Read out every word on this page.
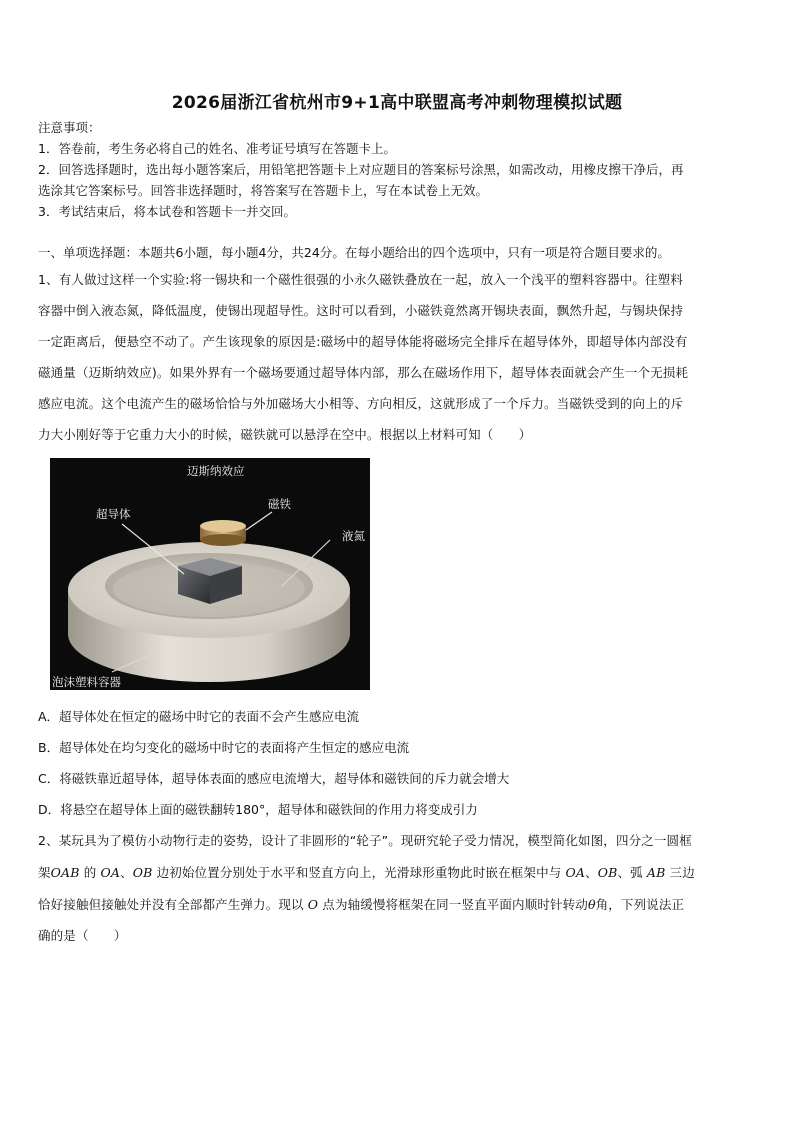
2026届浙江省杭州市9+1高中联盟高考冲刺物理模拟试题
注意事项：
1．答卷前，考生务必将自己的姓名、准考证号填写在答题卡上。
2．回答选择题时，选出每小题答案后，用铅笔把答题卡上对应题目的答案标号涂黑，如需改动，用橡皮擦干净后，再
选涂其它答案标号。回答非选择题时，将答案写在答题卡上，写在本试卷上无效。
3．考试结束后，将本试卷和答题卡一并交回。
一、单项选择题：本题共6小题，每小题4分，共24分。在每小题给出的四个选项中，只有一项是符合题目要求的。
1、有人做过这样一个实验:将一锡块和一个磁性很强的小永久磁铁叠放在一起，放入一个浅平的塑料容器中。往塑料
容器中倒入液态氮，降低温度，使锡出现超导性。这时可以看到，小磁铁竟然离开锡块表面，飘然升起，与锡块保持
一定距离后，便悬空不动了。产生该现象的原因是:磁场中的超导体能将磁场完全排斥在超导体外，即超导体内部没有
磁通量（迈斯纳效应)。如果外界有一个磁场要通过超导体内部，那么在磁场作用下，超导体表面就会产生一个无损耗
感应电流。这个电流产生的磁场恰恰与外加磁场大小相等、方向相反，这就形成了一个斥力。当磁铁受到的向上的斥
力大小刚好等于它重力大小的时候，磁铁就可以悬浮在空中。根据以上材料可知（　　）
迈斯纳效应
磁铁
超导体
液氮
泡沫塑料容器
A．超导体处在恒定的磁场中时它的表面不会产生感应电流
B．超导体处在均匀变化的磁场中时它的表面将产生恒定的感应电流
C．将磁铁靠近超导体，超导体表面的感应电流增大，超导体和磁铁间的斥力就会增大
D．将悬空在超导体上面的磁铁翻转180°，超导体和磁铁间的作用力将变成引力
2、某玩具为了模仿小动物行走的姿势，设计了非圆形的“轮子”。现研究轮子受力情况，模型简化如图，四分之一圆框
架OAB 的 OA、OB 边初始位置分别处于水平和竖直方向上，光滑球形重物此时嵌在框架中与 OA、OB、弧 AB 三边
恰好接触但接触处并没有全部都产生弹力。现以 O 点为轴缓慢将框架在同一竖直平面内顺时针转动θ角，下列说法正
确的是（　　）
